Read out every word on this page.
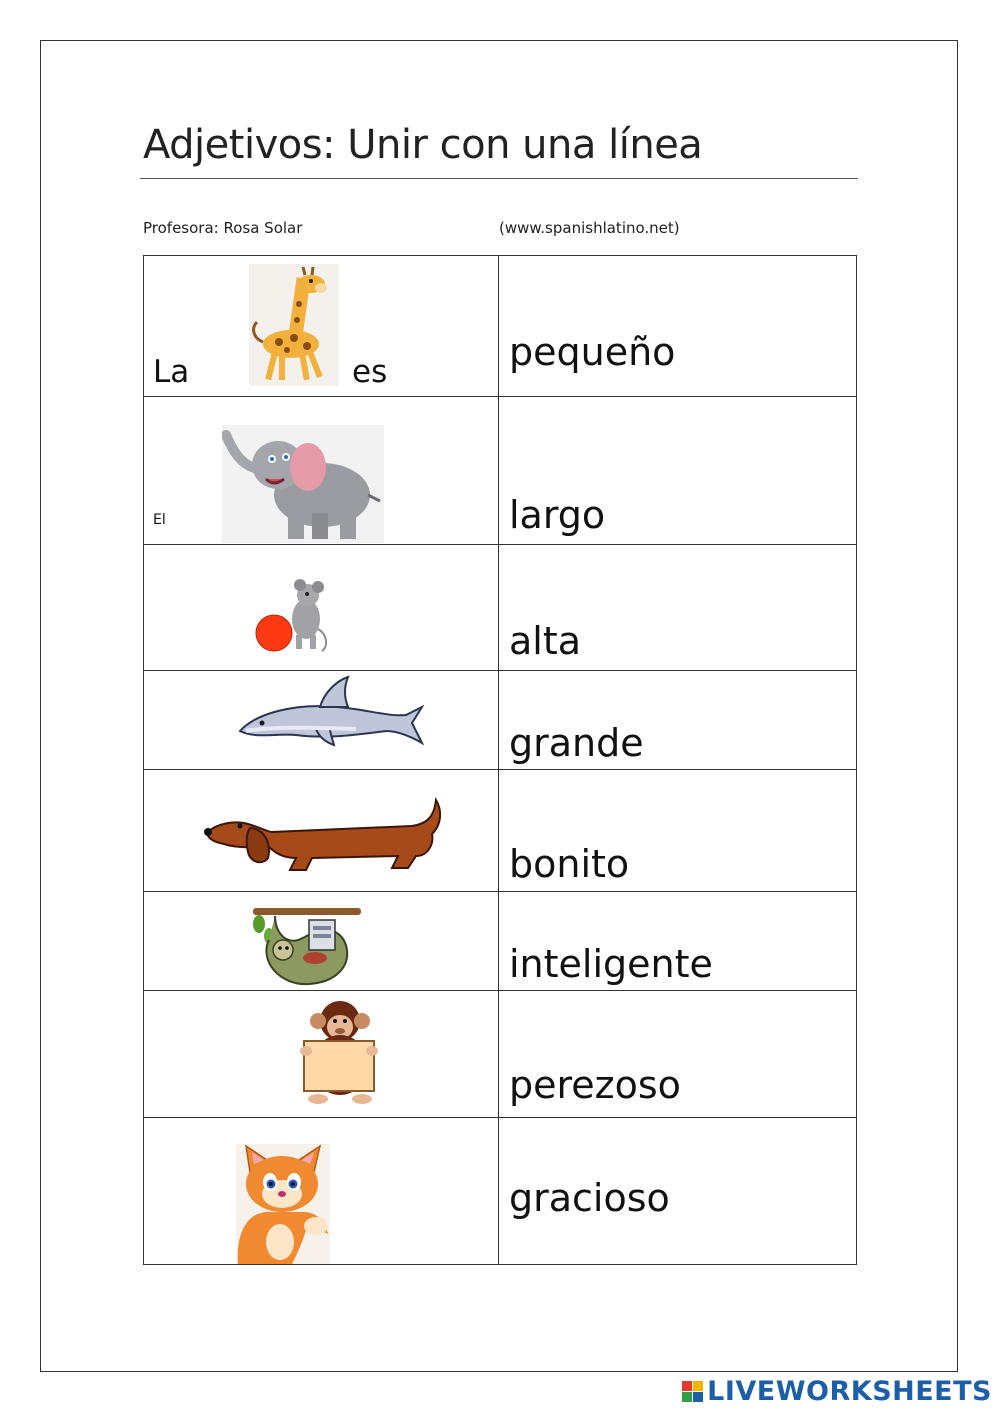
Adjetivos: Unir con una línea
Profesora: Rosa Solar	(www.spanishlatino.net)
La	es	pequeño
El	largo
alta
grande
bonito
inteligente
perezoso
gracioso
LIVEWORKSHEETS
